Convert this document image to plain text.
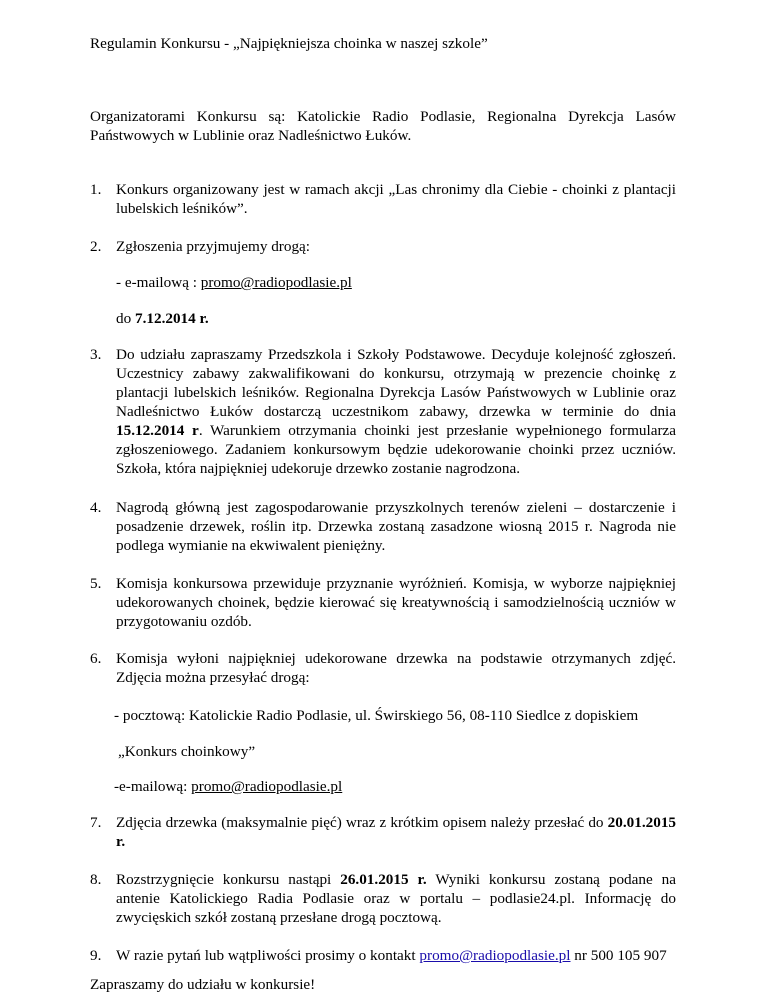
Regulamin Konkursu - „Najpiękniejsza choinka w naszej szkole”

Organizatorami Konkursu są: Katolickie Radio Podlasie, Regionalna Dyrekcja Lasów Państwowych w Lublinie oraz Nadleśnictwo Łuków.

1. Konkurs organizowany jest w ramach akcji „Las chronimy dla Ciebie - choinki z plantacji lubelskich leśników”.

2. Zgłoszenia przyjmujemy drogą:

- e-mailową : promo@radiopodlasie.pl
do 7.12.2014 r.
3. Do udziału zapraszamy Przedszkola i Szkoły Podstawowe. Decyduje kolejność zgłoszeń. Uczestnicy zabawy zakwalifikowani do konkursu, otrzymają w prezencie choinkę z plantacji lubelskich leśników. Regionalna Dyrekcja Lasów Państwowych w Lublinie oraz Nadleśnictwo Łuków dostarczą uczestnikom zabawy, drzewka w terminie do dnia 15.12.2014 r. Warunkiem otrzymania choinki jest przesłanie wypełnionego formularza zgłoszeniowego. Zadaniem konkursowym będzie udekorowanie choinki przez uczniów. Szkoła, która najpiękniej udekoruje drzewko zostanie nagrodzona.

4. Nagrodą główną jest zagospodarowanie przyszkolnych terenów zieleni – dostarczenie i posadzenie drzewek, roślin itp. Drzewka zostaną zasadzone wiosną 2015 r. Nagroda nie podlega wymianie na ekwiwalent pieniężny.

5. Komisja konkursowa przewiduje przyznanie wyróżnień. Komisja, w wyborze najpiękniej udekorowanych choinek, będzie kierować się kreatywnością i samodzielnością uczniów w przygotowaniu ozdób.

6. Komisja wyłoni najpiękniej udekorowane drzewka na podstawie otrzymanych zdjęć. Zdjęcia można przesyłać drogą:

- pocztową: Katolickie Radio Podlasie, ul. Świrskiego 56, 08-110 Siedlce z dopiskiem
„Konkurs choinkowy”
-e-mailową: promo@radiopodlasie.pl
7. Zdjęcia drzewka (maksymalnie pięć) wraz z krótkim opisem należy przesłać do 20.01.2015 r.

8. Rozstrzygnięcie konkursu nastąpi 26.01.2015 r. Wyniki konkursu zostaną podane na antenie Katolickiego Radia Podlasie oraz w portalu – podlasie24.pl. Informację do zwycięskich szkół zostaną przesłane drogą pocztową.

9. W razie pytań lub wątpliwości prosimy o kontakt promo@radiopodlasie.pl nr 500 105 907
Zapraszamy do udziału w konkursie!
